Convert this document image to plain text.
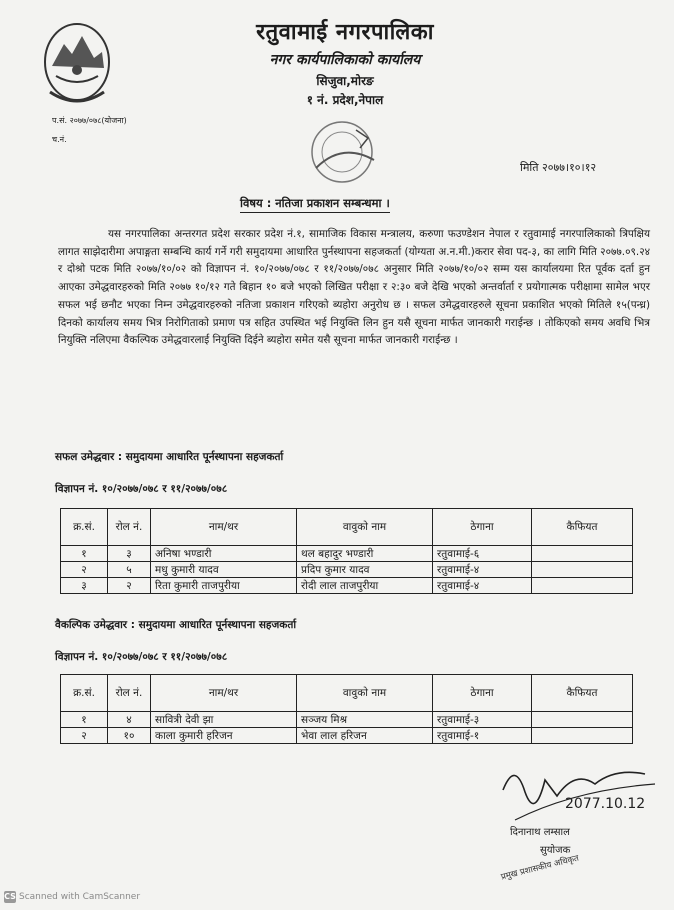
रतुवामाई नगरपालिका
नगर कार्यपालिकाको कार्यालय
सिजुवा,मोरङ
१ नं. प्रदेश,नेपाल
प.सं. २०७७/०७८(योजना)
च.नं.
मिति २०७७।१०।१२
विषय : नतिजा प्रकाशन सम्बन्धमा ।
यस नगरपालिका अन्तरगत प्रदेश सरकार प्रदेश नं.१, सामाजिक विकास मन्त्रालय, करुणा फउण्डेशन नेपाल र रतुवामाई नगरपालिकाको त्रिपक्षिय लागत साझेदारीमा अपाङ्गता सम्बन्धि कार्य गर्ने गरी समुदायमा आधारित पुर्नस्थापना सहजकर्ता (योग्यता अ.न.मी.)करार सेवा पद-३, का लागि मिति २०७७.०९.२४ र दोश्रो पटक मिति २०७७/१०/०२ को विज्ञापन नं. १०/२०७७/०७८ र ११/२०७७/०७८ अनुसार मिति २०७७/१०/०२ सम्म यस कार्यालयमा रित पूर्वक दर्ता हुन आएका उमेद्धवारहरुको मिति २०७७ १०/१२ गते बिहान १० बजे भएको लिखित परीक्षा र २:३० बजे देखि भएको अन्तर्वार्ता र प्रयोगात्मक परीक्षामा सामेल भएर सफल भई छनौट भएका निम्न उमेद्धवारहरुको नतिजा प्रकाशन गरिएको ब्यहोरा अनुरोध छ । सफल उमेद्धवारहरुले सूचना प्रकाशित भएको मितिले १५(पन्ध्र) दिनको कार्यालय समय भित्र निरोगिताको प्रमाण पत्र सहित उपस्थित भई नियुक्ति लिन हुन यसै सूचना मार्फत जानकारी गराईन्छ । तोकिएको समय अवधि भित्र नियुक्ति नलिएमा वैकल्पिक उमेद्धवारलाई नियुक्ति दिईने ब्यहोरा समेत यसै सूचना मार्फत जानकारी गराईन्छ ।
सफल उमेद्धवार : समुदायमा आधारित पूर्नस्थापना सहजकर्ता
विज्ञापन नं. १०/२०७७/०७८ र ११/२०७७/०७८
क्र.सं.	रोल नं.	नाम/थर	वावुको नाम	ठेगाना	कैफियत
१	३	अनिषा भण्डारी	थल बहादुर भण्डारी	रतुवामाई-६	
२	५	मधु कुमारी यादव	प्रदिप कुमार यादव	रतुवामाई-४	
३	२	रिता कुमारी ताजपुरीया	रोदी लाल ताजपुरीया	रतुवामाई-४	
वैकल्पिक उमेद्धवार : समुदायमा आधारित पूर्नस्थापना सहजकर्ता
विज्ञापन नं. १०/२०७७/०७८ र ११/२०७७/०७८
क्र.सं.	रोल नं.	नाम/थर	वावुको नाम	ठेगाना	कैफियत
१	४	सावित्री देवी झा	सञ्जय मिश्र	रतुवामाई-३	
२	१०	काला कुमारी हरिजन	भेवा लाल हरिजन	रतुवामाई-१	
2077.10.12
दिनानाथ लम्साल
सुयोजक
प्रमुख प्रशासकीय अधिकृत
CS Scanned with CamScanner
